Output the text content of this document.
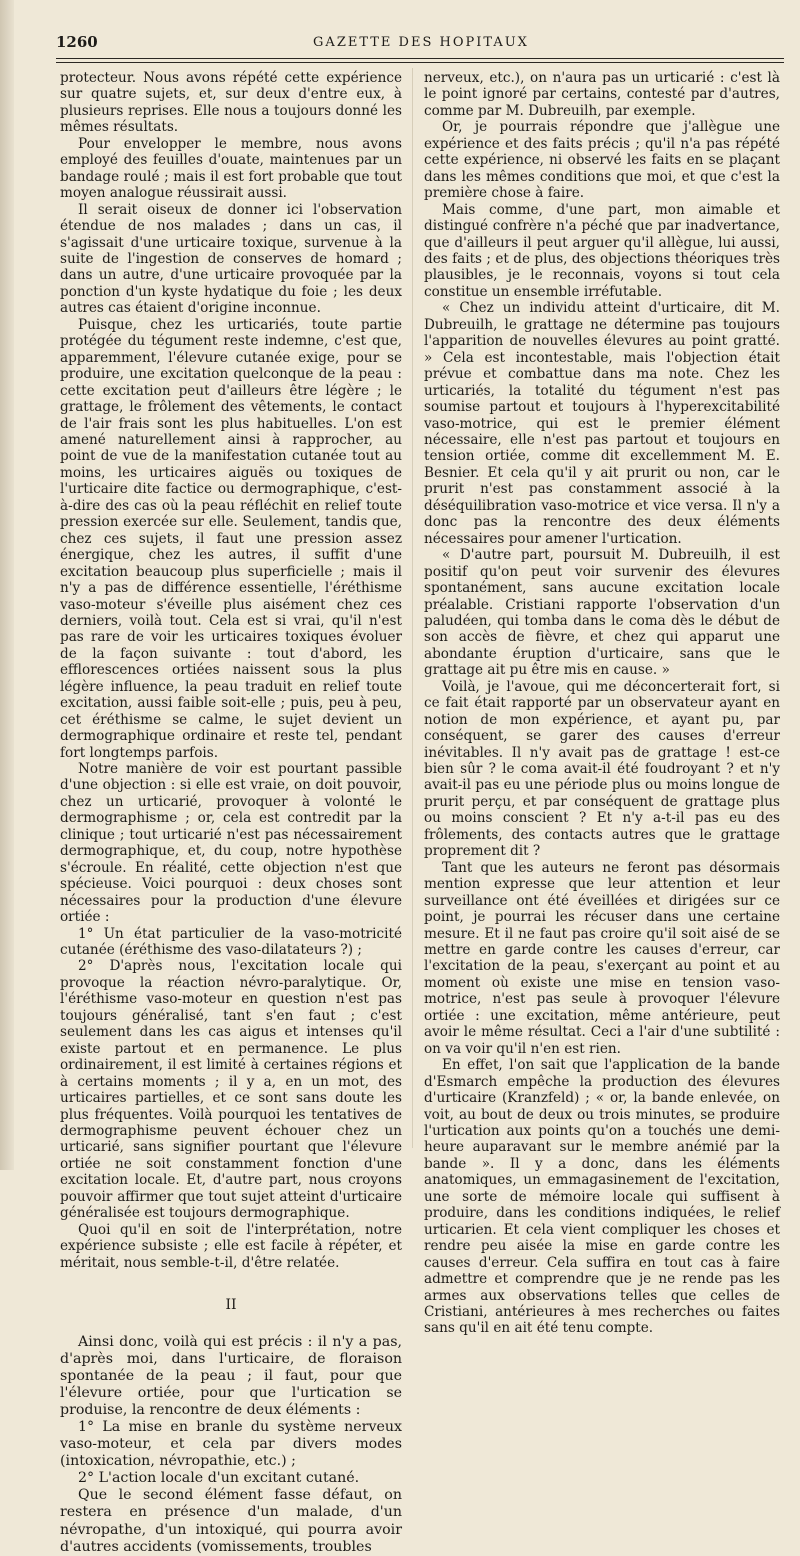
1260	GAZETTE DES HOPITAUX

protecteur. Nous avons répété cette expérience sur quatre sujets, et, sur deux d'entre eux, à plusieurs reprises. Elle nous a toujours donné les mêmes résultats.

Pour envelopper le membre, nous avons employé des feuilles d'ouate, maintenues par un bandage roulé ; mais il est fort probable que tout moyen analogue réussirait aussi.

Il serait oiseux de donner ici l'observation étendue de nos malades ; dans un cas, il s'agissait d'une urticaire toxique, survenue à la suite de l'ingestion de conserves de homard ; dans un autre, d'une urticaire provoquée par la ponction d'un kyste hydatique du foie ; les deux autres cas étaient d'origine inconnue.

Puisque, chez les urticariés, toute partie protégée du tégument reste indemne, c'est que, apparemment, l'élevure cutanée exige, pour se produire, une excitation quelconque de la peau : cette excitation peut d'ailleurs être légère ; le grattage, le frôlement des vêtements, le contact de l'air frais sont les plus habituelles. L'on est amené naturellement ainsi à rapprocher, au point de vue de la manifestation cutanée tout au moins, les urticaires aiguës ou toxiques de l'urticaire dite factice ou dermographique, c'est-à-dire des cas où la peau réfléchit en relief toute pression exercée sur elle. Seulement, tandis que, chez ces sujets, il faut une pression assez énergique, chez les autres, il suffit d'une excitation beaucoup plus superficielle ; mais il n'y a pas de différence essentielle, l'éréthisme vaso-moteur s'éveille plus aisément chez ces derniers, voilà tout. Cela est si vrai, qu'il n'est pas rare de voir les urticaires toxiques évoluer de la façon suivante : tout d'abord, les efflorescences ortiées naissent sous la plus légère influence, la peau traduit en relief toute excitation, aussi faible soit-elle ; puis, peu à peu, cet éréthisme se calme, le sujet devient un dermographique ordinaire et reste tel, pendant fort longtemps parfois.

Notre manière de voir est pourtant passible d'une objection : si elle est vraie, on doit pouvoir, chez un urticarié, provoquer à volonté le dermographisme ; or, cela est contredit par la clinique ; tout urticarié n'est pas nécessairement dermographique, et, du coup, notre hypothèse s'écroule. En réalité, cette objection n'est que spécieuse. Voici pourquoi : deux choses sont nécessaires pour la production d'une élevure ortiée :

1° Un état particulier de la vaso-motricité cutanée (éréthisme des vaso-dilatateurs ?) ;

2° D'après nous, l'excitation locale qui provoque la réaction névro-paralytique. Or, l'éréthisme vaso-moteur en question n'est pas toujours généralisé, tant s'en faut ; c'est seulement dans les cas aigus et intenses qu'il existe partout et en permanence. Le plus ordinairement, il est limité à certaines régions et à certains moments ; il y a, en un mot, des urticaires partielles, et ce sont sans doute les plus fréquentes. Voilà pourquoi les tentatives de dermographisme peuvent échouer chez un urticarié, sans signifier pourtant que l'élevure ortiée ne soit constamment fonction d'une excitation locale. Et, d'autre part, nous croyons pouvoir affirmer que tout sujet atteint d'urticaire généralisée est toujours dermographique.

Quoi qu'il en soit de l'interprétation, notre expérience subsiste ; elle est facile à répéter, et méritait, nous semble-t-il, d'être relatée.

II

Ainsi donc, voilà qui est précis : il n'y a pas, d'après moi, dans l'urticaire, de floraison spontanée de la peau ; il faut, pour que l'élevure ortiée, pour que l'urtication se produise, la rencontre de deux éléments :

1° La mise en branle du système nerveux vaso-moteur, et cela par divers modes (intoxication, névropathie, etc.) ;

2° L'action locale d'un excitant cutané.

Que le second élément fasse défaut, on restera en présence d'un malade, d'un névropathe, d'un intoxiqué, qui pourra avoir d'autres accidents (vomissements, troubles

nerveux, etc.), on n'aura pas un urticarié : c'est là le point ignoré par certains, contesté par d'autres, comme par M. Dubreuilh, par exemple.

Or, je pourrais répondre que j'allègue une expérience et des faits précis ; qu'il n'a pas répété cette expérience, ni observé les faits en se plaçant dans les mêmes conditions que moi, et que c'est la première chose à faire.

Mais comme, d'une part, mon aimable et distingué confrère n'a péché que par inadvertance, que d'ailleurs il peut arguer qu'il allègue, lui aussi, des faits ; et de plus, des objections théoriques très plausibles, je le reconnais, voyons si tout cela constitue un ensemble irréfutable.

« Chez un individu atteint d'urticaire, dit M. Dubreuilh, le grattage ne détermine pas toujours l'apparition de nouvelles élevures au point gratté. » Cela est incontestable, mais l'objection était prévue et combattue dans ma note. Chez les urticariés, la totalité du tégument n'est pas soumise partout et toujours à l'hyperexcitabilité vaso-motrice, qui est le premier élément nécessaire, elle n'est pas partout et toujours en tension ortiée, comme dit excellemment M. E. Besnier. Et cela qu'il y ait prurit ou non, car le prurit n'est pas constamment associé à la déséquilibration vaso-motrice et vice versa. Il n'y a donc pas la rencontre des deux éléments nécessaires pour amener l'urtication.

« D'autre part, poursuit M. Dubreuilh, il est positif qu'on peut voir survenir des élevures spontanément, sans aucune excitation locale préalable. Cristiani rapporte l'observation d'un paludéen, qui tomba dans le coma dès le début de son accès de fièvre, et chez qui apparut une abondante éruption d'urticaire, sans que le grattage ait pu être mis en cause. »

Voilà, je l'avoue, qui me déconcerterait fort, si ce fait était rapporté par un observateur ayant en notion de mon expérience, et ayant pu, par conséquent, se garer des causes d'erreur inévitables. Il n'y avait pas de grattage ! est-ce bien sûr ? le coma avait-il été foudroyant ? et n'y avait-il pas eu une période plus ou moins longue de prurit perçu, et par conséquent de grattage plus ou moins conscient ? Et n'y a-t-il pas eu des frôlements, des contacts autres que le grattage proprement dit ?

Tant que les auteurs ne feront pas désormais mention expresse que leur attention et leur surveillance ont été éveillées et dirigées sur ce point, je pourrai les récuser dans une certaine mesure. Et il ne faut pas croire qu'il soit aisé de se mettre en garde contre les causes d'erreur, car l'excitation de la peau, s'exerçant au point et au moment où existe une mise en tension vaso-motrice, n'est pas seule à provoquer l'élevure ortiée : une excitation, même antérieure, peut avoir le même résultat. Ceci a l'air d'une subtilité : on va voir qu'il n'en est rien.

En effet, l'on sait que l'application de la bande d'Esmarch empêche la production des élevures d'urticaire (Kranzfeld) ; « or, la bande enlevée, on voit, au bout de deux ou trois minutes, se produire l'urtication aux points qu'on a touchés une demi-heure auparavant sur le membre anémié par la bande ». Il y a donc, dans les éléments anatomiques, un emmagasinement de l'excitation, une sorte de mémoire locale qui suffisent à produire, dans les conditions indiquées, le relief urticarien. Et cela vient compliquer les choses et rendre peu aisée la mise en garde contre les causes d'erreur. Cela suffira en tout cas à faire admettre et comprendre que je ne rende pas les armes aux observations telles que celles de Cristiani, antérieures à mes recherches ou faites sans qu'il en ait été tenu compte.
